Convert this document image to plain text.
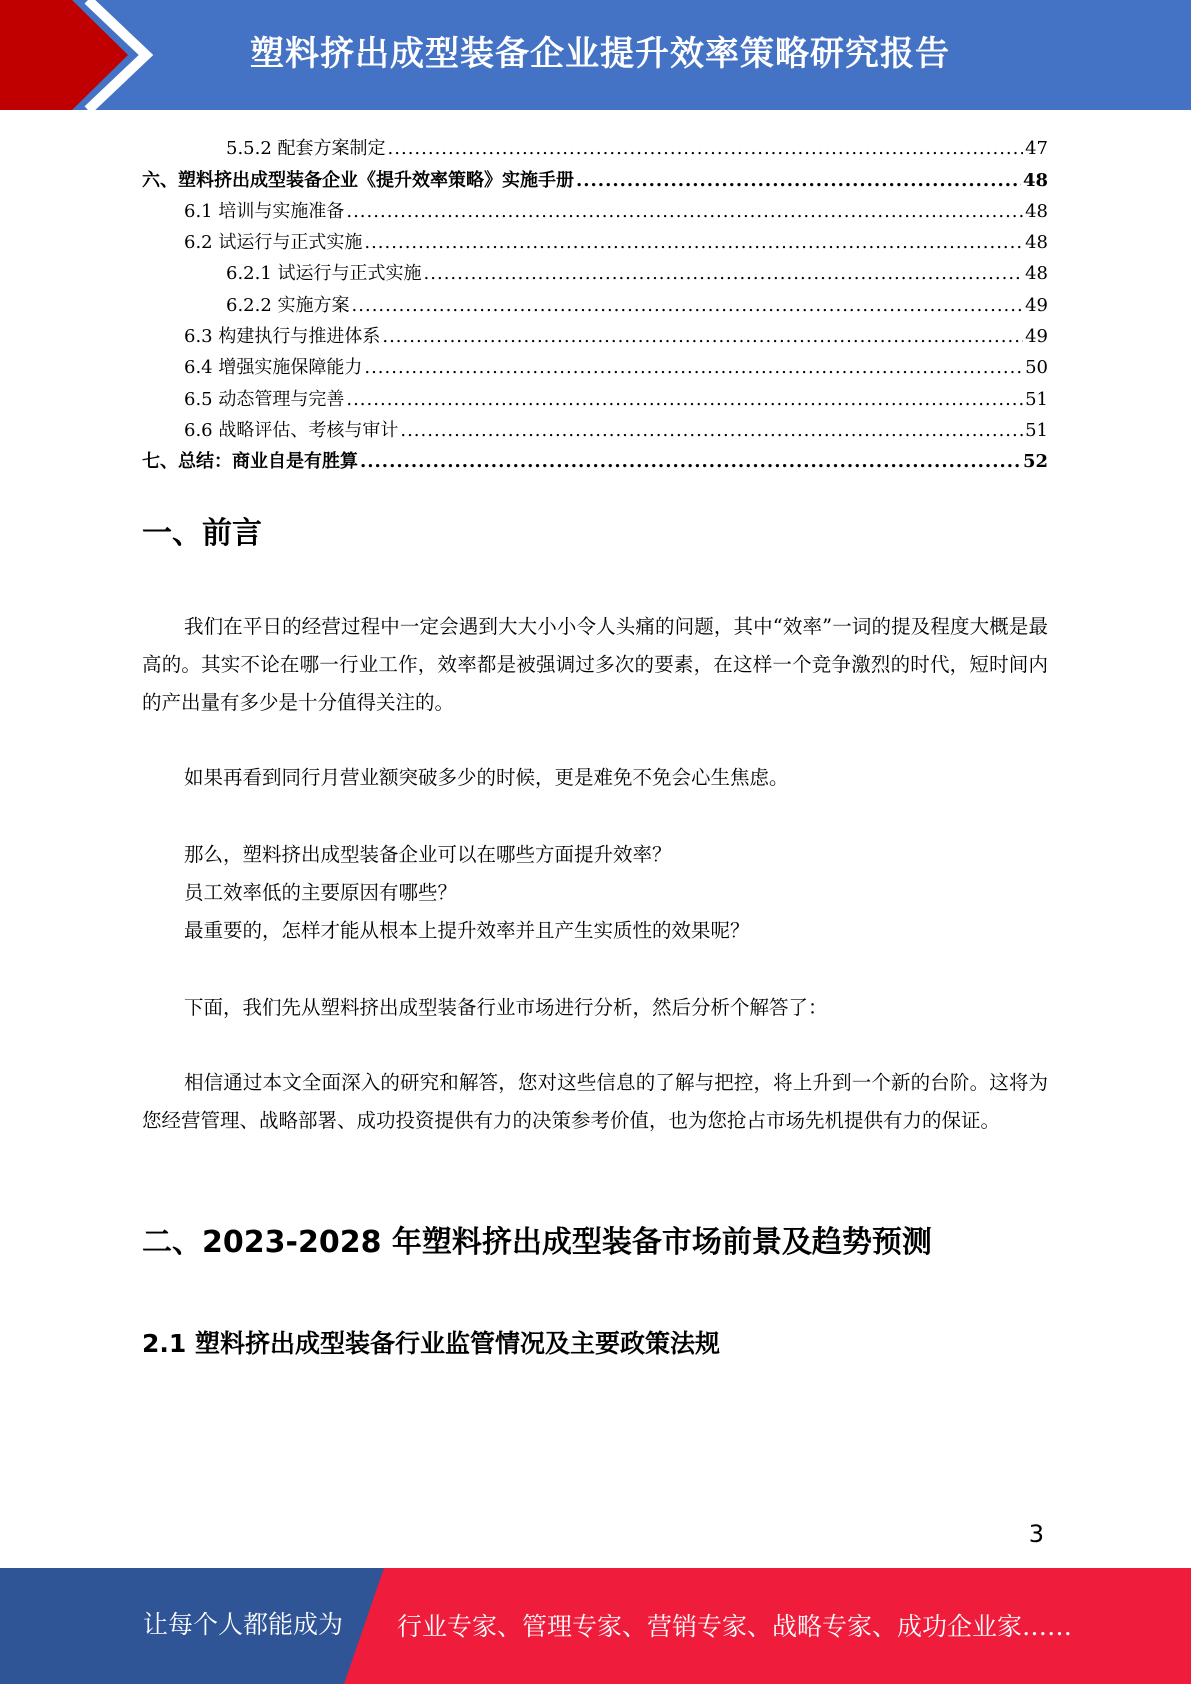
塑料挤出成型装备企业提升效率策略研究报告
5.5.2 配套方案制定 .....	47
六、塑料挤出成型装备企业《提升效率策略》实施手册 .....	48
6.1 培训与实施准备 .....	48
6.2 试运行与正式实施 .....	48
6.2.1 试运行与正式实施 .....	48
6.2.2 实施方案 .....	49
6.3 构建执行与推进体系 .....	49
6.4 增强实施保障能力 .....	50
6.5 动态管理与完善 .....	51
6.6 战略评估、考核与审计 .....	51
七、总结：商业自是有胜算 .....	52
一、前言

我们在平日的经营过程中一定会遇到大大小小令人头痛的问题，其中“效率”一词的提及程度大概是最高的。其实不论在哪一行业工作，效率都是被强调过多次的要素，在这样一个竞争激烈的时代，短时间内的产出量有多少是十分值得关注的。

如果再看到同行月营业额突破多少的时候，更是难免不免会心生焦虑。

那么，塑料挤出成型装备企业可以在哪些方面提升效率？

员工效率低的主要原因有哪些？

最重要的，怎样才能从根本上提升效率并且产生实质性的效果呢？

下面，我们先从塑料挤出成型装备行业市场进行分析，然后分析个解答了：

相信通过本文全面深入的研究和解答，您对这些信息的了解与把控，将上升到一个新的台阶。这将为您经营管理、战略部署、成功投资提供有力的决策参考价值，也为您抢占市场先机提供有力的保证。

二、2023-2028 年塑料挤出成型装备市场前景及趋势预测
2.1 塑料挤出成型装备行业监管情况及主要政策法规
3
让每个人都能成为 行业专家、管理专家、营销专家、战略专家、成功企业家……
